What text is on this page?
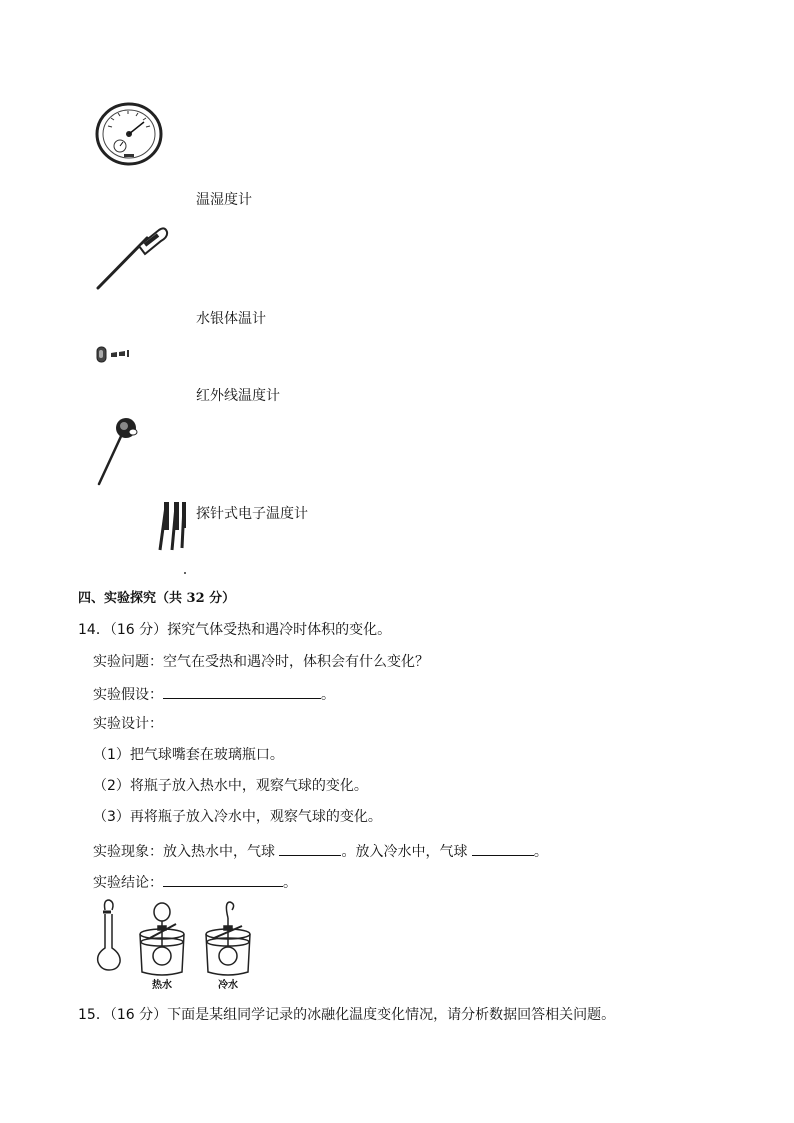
温湿度计
水银体温计
红外线温度计
探针式电子温度计
四、实验探究（共 32 分）
14．（16 分）探究气体受热和遇冷时体积的变化。
实验问题：空气在受热和遇冷时，体积会有什么变化？
实验假设：	。
实验设计：
（1）把气球嘴套在玻璃瓶口。
（2）将瓶子放入热水中，观察气球的变化。
（3）再将瓶子放入冷水中，观察气球的变化。
实验现象：放入热水中，气球	。放入冷水中，气球	。
实验结论：	。
热水	冷水
15．（16 分）下面是某组同学记录的冰融化温度变化情况，请分析数据回答相关问题。
